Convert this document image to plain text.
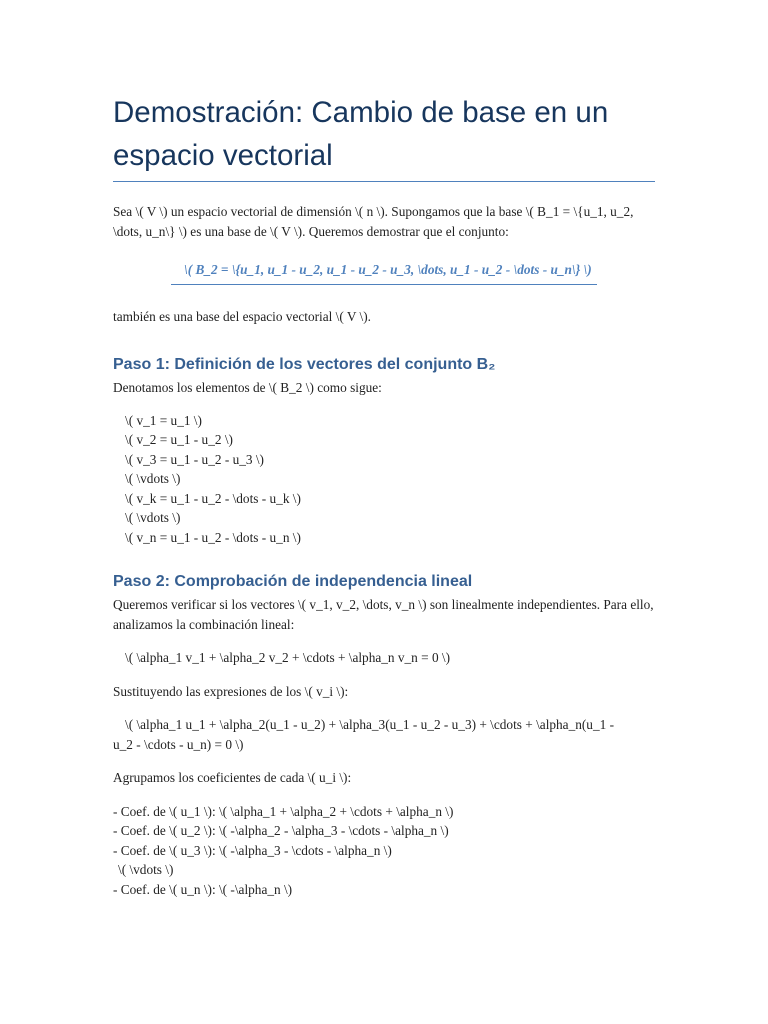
Demostración: Cambio de base en un espacio vectorial

Sea \( V \) un espacio vectorial de dimensión \( n \). Supongamos que la base \( B_1 = \{u_1, u_2, \dots, u_n\} \) es una base de \( V \). Queremos demostrar que el conjunto:

\( B_2 = \{u_1, u_1 - u_2, u_1 - u_2 - u_3, \dots, u_1 - u_2 - \dots - u_n\} \)

también es una base del espacio vectorial \( V \).

Paso 1: Definición de los vectores del conjunto B₂

Denotamos los elementos de \( B_2 \) como sigue:

\( v_1 = u_1 \)
\( v_2 = u_1 - u_2 \)
\( v_3 = u_1 - u_2 - u_3 \)
\( \vdots \)
\( v_k = u_1 - u_2 - \dots - u_k \)
\( \vdots \)
\( v_n = u_1 - u_2 - \dots - u_n \)
Paso 2: Comprobación de independencia lineal

Queremos verificar si los vectores \( v_1, v_2, \dots, v_n \) son linealmente independientes. Para ello, analizamos la combinación lineal:

\( \alpha_1 v_1 + \alpha_2 v_2 + \cdots + \alpha_n v_n = 0 \)

Sustituyendo las expresiones de los \( v_i \):

\( \alpha_1 u_1 + \alpha_2(u_1 - u_2) + \alpha_3(u_1 - u_2 - u_3) + \cdots + \alpha_n(u_1 -
u_2 - \cdots - u_n) = 0 \)

Agrupamos los coeficientes de cada \( u_i \):

- Coef. de \( u_1 \): \( \alpha_1 + \alpha_2 + \cdots + \alpha_n \)
- Coef. de \( u_2 \): \( -\alpha_2 - \alpha_3 - \cdots - \alpha_n \)
- Coef. de \( u_3 \): \( -\alpha_3 - \cdots - \alpha_n \)
\( \vdots \)
- Coef. de \( u_n \): \( -\alpha_n \)
